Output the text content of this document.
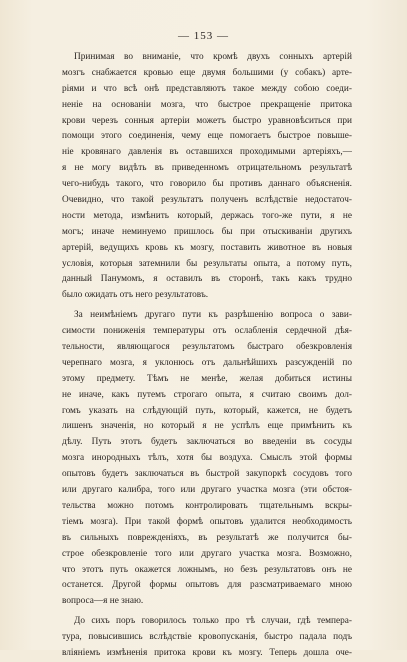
— 153 —
Принимая во вниманіе, что кромѣ двухъ сонныхъ артерій
мозгъ снабжается кровью еще двумя большими (у собакъ) арте-
ріями и что всѣ онѣ представляютъ такое между собою соеди-
неніе на основаніи мозга, что быстрое прекращеніе притока
крови черезъ сонныя артеріи можетъ быстро уравновѣситься при
помощи этого соединенія, чему еще помогаетъ быстрое повыше-
ніе кровянаго давленія въ оставшихся проходимыми артеріяхъ,—
я не могу видѣть въ приведенномъ отрицательномъ результатѣ
чего-нибудь такого, что говорило бы противъ даннаго объясненія.
Очевидно, что такой результатъ полученъ вслѣдствіе недостаточ-
ности метода, измѣнить который, держась того-же пути, я не
могъ; иначе неминуемо пришлось бы при отыскиваніи другихъ
артерій, ведущихъ кровь къ мозгу, поставить животное въ новыя
условія, которыя затемнили бы результаты опыта, а потому путь,
данный Панумомъ, я оставилъ въ сторонѣ, такъ какъ трудно
было ожидать отъ него результатовъ.
За неимѣніемъ другаго пути къ разрѣшенію вопроса о зави-
симости пониженія температуры отъ ослабленія сердечной дѣя-
тельности, являющагося результатомъ быстраго обезкровленія
черепнаго мозга, я уклонюсь отъ дальнѣйшихъ разсужденій по
этому предмету. Тѣмъ не менѣе, желая добиться истины
не иначе, какъ путемъ строгаго опыта, я считаю своимъ дол-
гомъ указать на слѣдующій путь, который, кажется, не будетъ
лишенъ значенія, но который я не успѣлъ еще примѣнить къ
дѣлу. Путь этотъ будетъ заключаться во введеніи въ сосуды
мозга инородныхъ тѣлъ, хотя бы воздуха. Смыслъ этой формы
опытовъ будетъ заключаться въ быстрой закупоркѣ сосудовъ того
или другаго калибра, того или другаго участка мозга (эти обстоя-
тельства можно потомъ контролировать тщательнымъ вскры-
тіемъ мозга). При такой формѣ опытовъ удалится необходимость
въ сильныхъ повреждeніяхъ, въ результатѣ же получится бы-
строе обезкровленіе того или другаго участка мозга. Возможно,
что этотъ путь окажется ложнымъ, но безъ результатовъ онъ не
останется. Другой формы опытовъ для разсматриваемаго мною
вопроса—я не знаю.
До сихъ поръ говорилось только про тѣ случаи, гдѣ темпера-
тура, повысившись вслѣдствіе кровопусканія, быстро падала подъ
вліяніемъ измѣненія притока крови къ мозгу. Теперь дошла оче-
